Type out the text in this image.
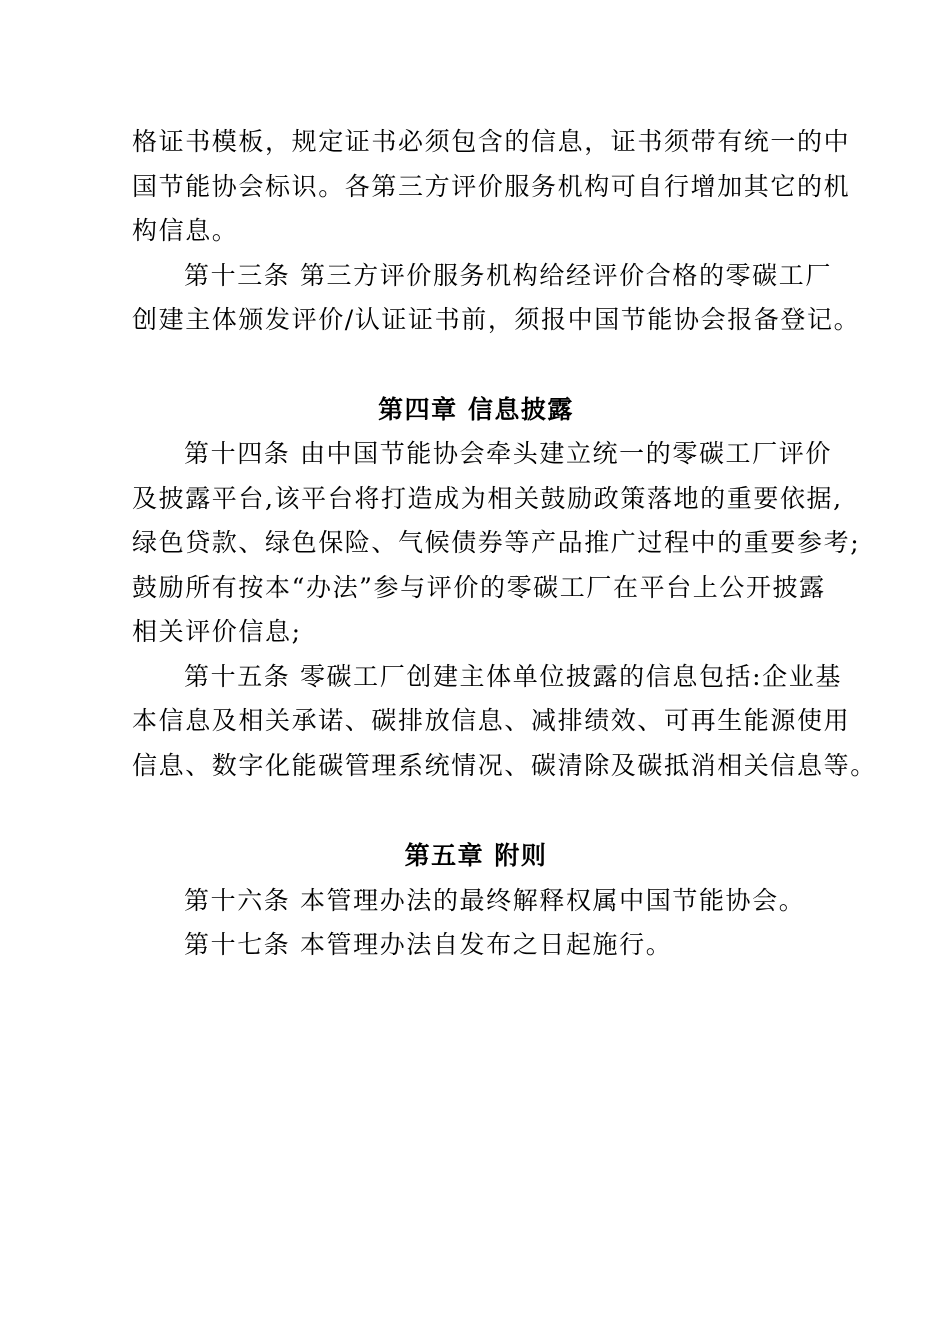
格证书模板，规定证书必须包含的信息，证书须带有统一的中
国节能协会标识。各第三方评价服务机构可自行增加其它的机
构信息。
第十三条 第三方评价服务机构给经评价合格的零碳工厂
创建主体颁发评价/认证证书前，须报中国节能协会报备登记。
第四章 信息披露
第十四条 由中国节能协会牵头建立统一的零碳工厂评价
及披露平台,该平台将打造成为相关鼓励政策落地的重要依据,
绿色贷款、绿色保险、气候债券等产品推广过程中的重要参考;
鼓励所有按本“办法”参与评价的零碳工厂在平台上公开披露
相关评价信息;
第十五条 零碳工厂创建主体单位披露的信息包括:企业基
本信息及相关承诺、碳排放信息、减排绩效、可再生能源使用
信息、数字化能碳管理系统情况、碳清除及碳抵消相关信息等。
第五章 附则
第十六条 本管理办法的最终解释权属中国节能协会。
第十七条 本管理办法自发布之日起施行。
